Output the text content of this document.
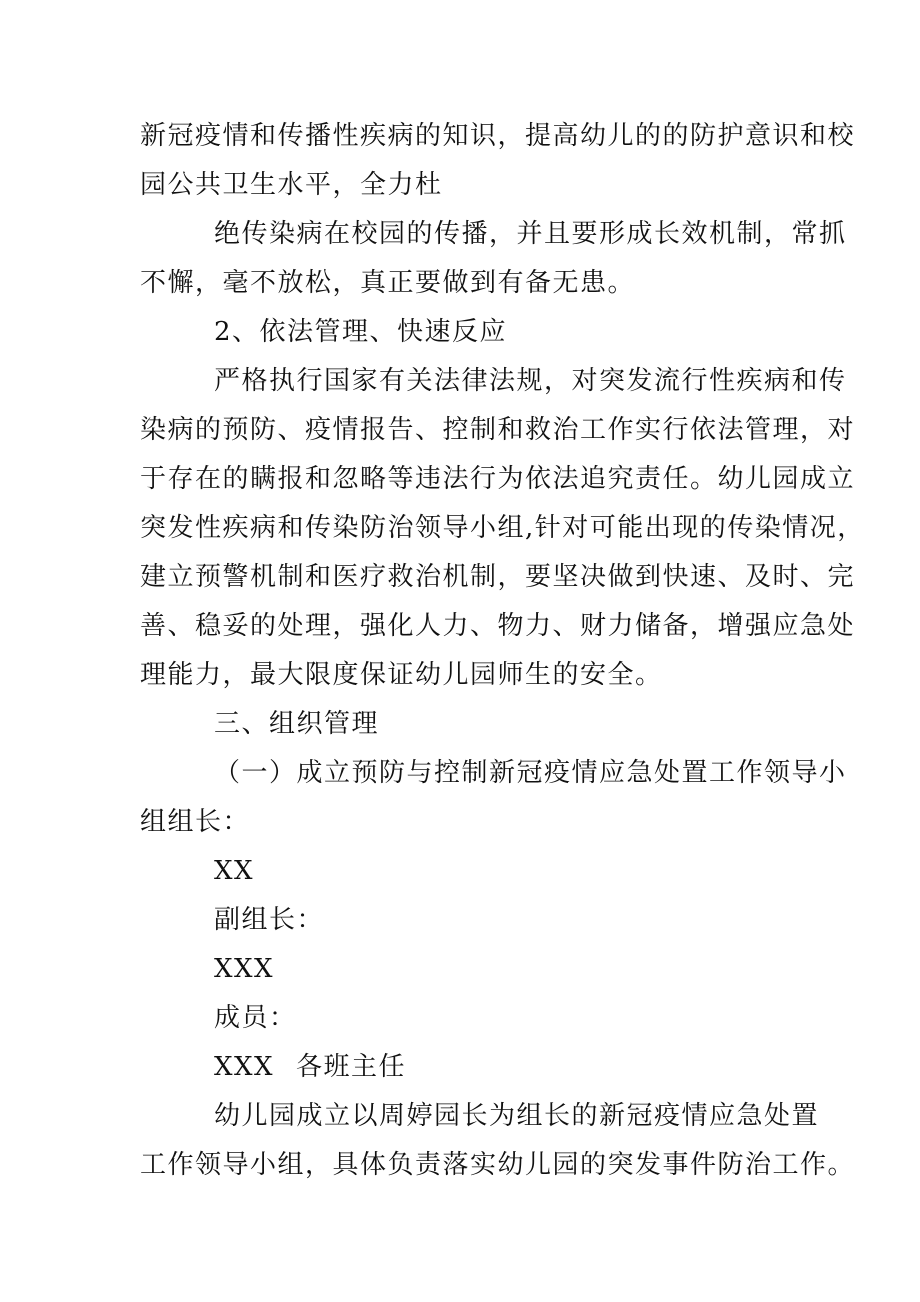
新冠疫情和传播性疾病的知识，提高幼儿的的防护意识和校
园公共卫生水平，全力杜
绝传染病在校园的传播，并且要形成长效机制，常抓
不懈，毫不放松，真正要做到有备无患。
2、依法管理、快速反应
严格执行国家有关法律法规，对突发流行性疾病和传
染病的预防、疫情报告、控制和救治工作实行依法管理，对
于存在的瞒报和忽略等违法行为依法追究责任。幼儿园成立
突发性疾病和传染防治领导小组,针对可能出现的传染情况，
建立预警机制和医疗救治机制，要坚决做到快速、及时、完
善、稳妥的处理，强化人力、物力、财力储备，增强应急处
理能力，最大限度保证幼儿园师生的安全。
三、组织管理
（一）成立预防与控制新冠疫情应急处置工作领导小
组组长：
XX
副组长：
XXX
成员：
XXX 各班主任
幼儿园成立以周婷园长为组长的新冠疫情应急处置
工作领导小组，具体负责落实幼儿园的突发事件防治工作。
